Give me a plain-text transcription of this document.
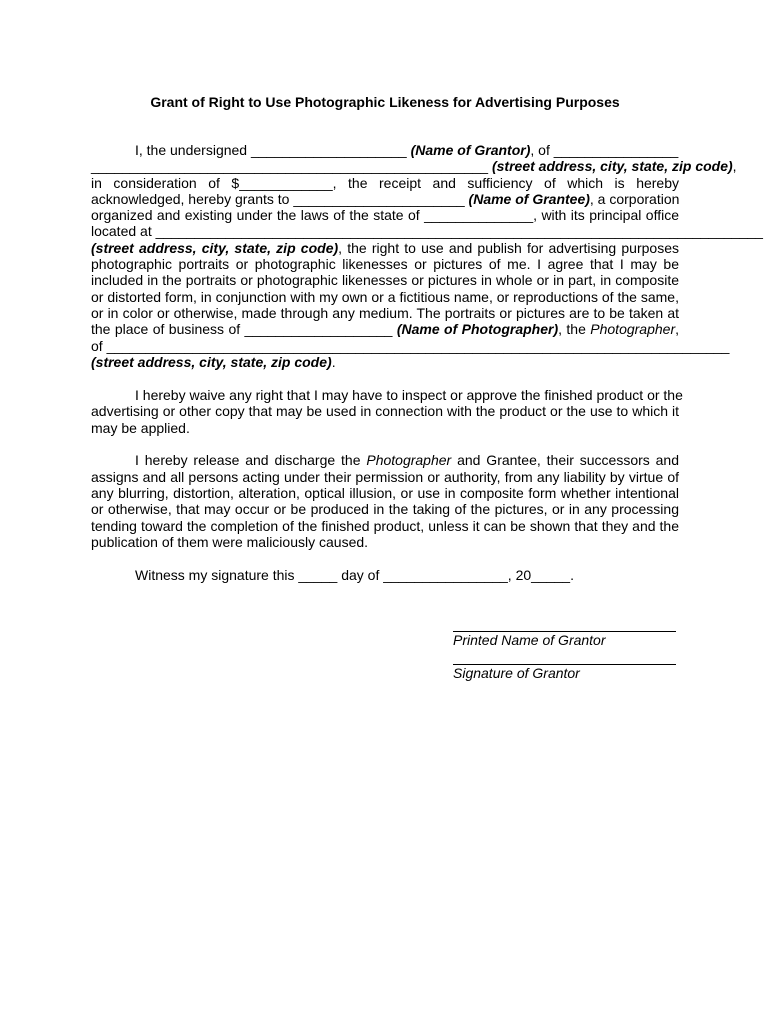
Grant of Right to Use Photographic Likeness for Advertising Purposes
I, the undersigned ____________________ (Name of Grantor), of ________________
___________________________________________________ (street address, city, state, zip code),
in consideration of $____________, the receipt and sufficiency of which is hereby
acknowledged, hereby grants to ______________________ (Name of Grantee), a corporation
organized and existing under the laws of the state of ______________, with its principal office
located at ______________________________________________________________________________
(street address, city, state, zip code), the right to use and publish for advertising purposes
photographic portraits or photographic likenesses or pictures of me. I agree that I may be
included in the portraits or photographic likenesses or pictures in whole or in part, in composite
or distorted form, in conjunction with my own or a fictitious name, or reproductions of the same,
or in color or otherwise, made through any medium. The portraits or pictures are to be taken at
the place of business of ___________________ (Name of Photographer), the Photographer,
of ________________________________________________________________________________
(street address, city, state, zip code).
I hereby waive any right that I may have to inspect or approve the finished product or the
advertising or other copy that may be used in connection with the product or the use to which it
may be applied.
I hereby release and discharge the Photographer and Grantee, their successors and
assigns and all persons acting under their permission or authority, from any liability by virtue of
any blurring, distortion, alteration, optical illusion, or use in composite form whether intentional
or otherwise, that may occur or be produced in the taking of the pictures, or in any processing
tending toward the completion of the finished product, unless it can be shown that they and the
publication of them were maliciously caused.
Witness my signature this _____ day of ________________, 20_____.
Printed Name of Grantor
Signature of Grantor
